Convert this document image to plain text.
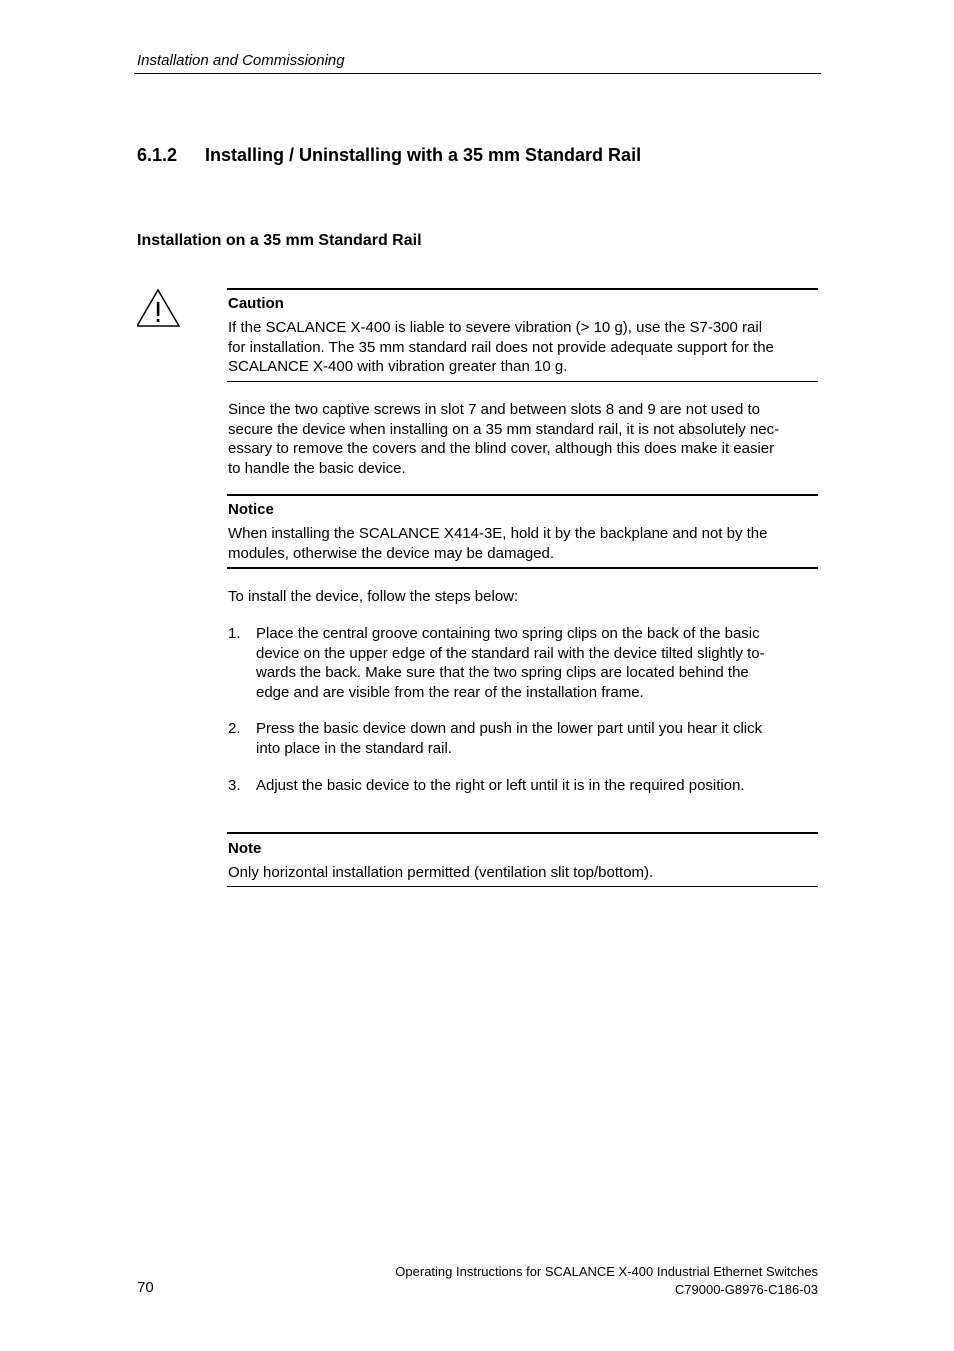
Installation and Commissioning
6.1.2 Installing / Uninstalling with a 35 mm Standard Rail
Installation on a 35 mm Standard Rail
Caution
If the SCALANCE X-400 is liable to severe vibration (> 10 g), use the S7-300 rail
for installation. The 35 mm standard rail does not provide adequate support for the
SCALANCE X-400 with vibration greater than 10 g.
Since the two captive screws in slot 7 and between slots 8 and 9 are not used to
secure the device when installing on a 35 mm standard rail, it is not absolutely nec-
essary to remove the covers and the blind cover, although this does make it easier
to handle the basic device.
Notice
When installing the SCALANCE X414-3E, hold it by the backplane and not by the
modules, otherwise the device may be damaged.
To install the device, follow the steps below:
1. Place the central groove containing two spring clips on the back of the basic
device on the upper edge of the standard rail with the device tilted slightly to-
wards the back. Make sure that the two spring clips are located behind the
edge and are visible from the rear of the installation frame.
2. Press the basic device down and push in the lower part until you hear it click
into place in the standard rail.
3. Adjust the basic device to the right or left until it is in the required position.
Note
Only horizontal installation permitted (ventilation slit top/bottom).
70
Operating Instructions for SCALANCE X-400 Industrial Ethernet Switches
C79000-G8976-C186-03
